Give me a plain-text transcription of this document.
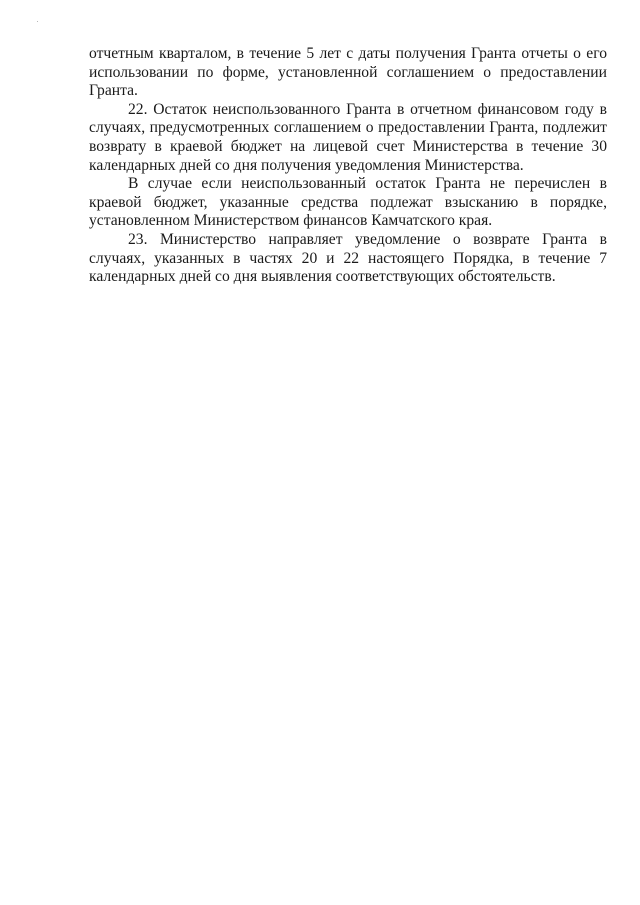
отчетным кварталом, в течение 5 лет с даты получения Гранта отчеты о его использовании по форме, установленной соглашением о предоставлении Гранта.

22. Остаток неиспользованного Гранта в отчетном финансовом году в случаях, предусмотренных соглашением о предоставлении Гранта, подлежит возврату в краевой бюджет на лицевой счет Министерства в течение 30 календарных дней со дня получения уведомления Министерства.

В случае если неиспользованный остаток Гранта не перечислен в краевой бюджет, указанные средства подлежат взысканию в порядке, установленном Министерством финансов Камчатского края.

23. Министерство направляет уведомление о возврате Гранта в случаях, указанных в частях 20 и 22 настоящего Порядка, в течение 7 календарных дней со дня выявления соответствующих обстоятельств.
